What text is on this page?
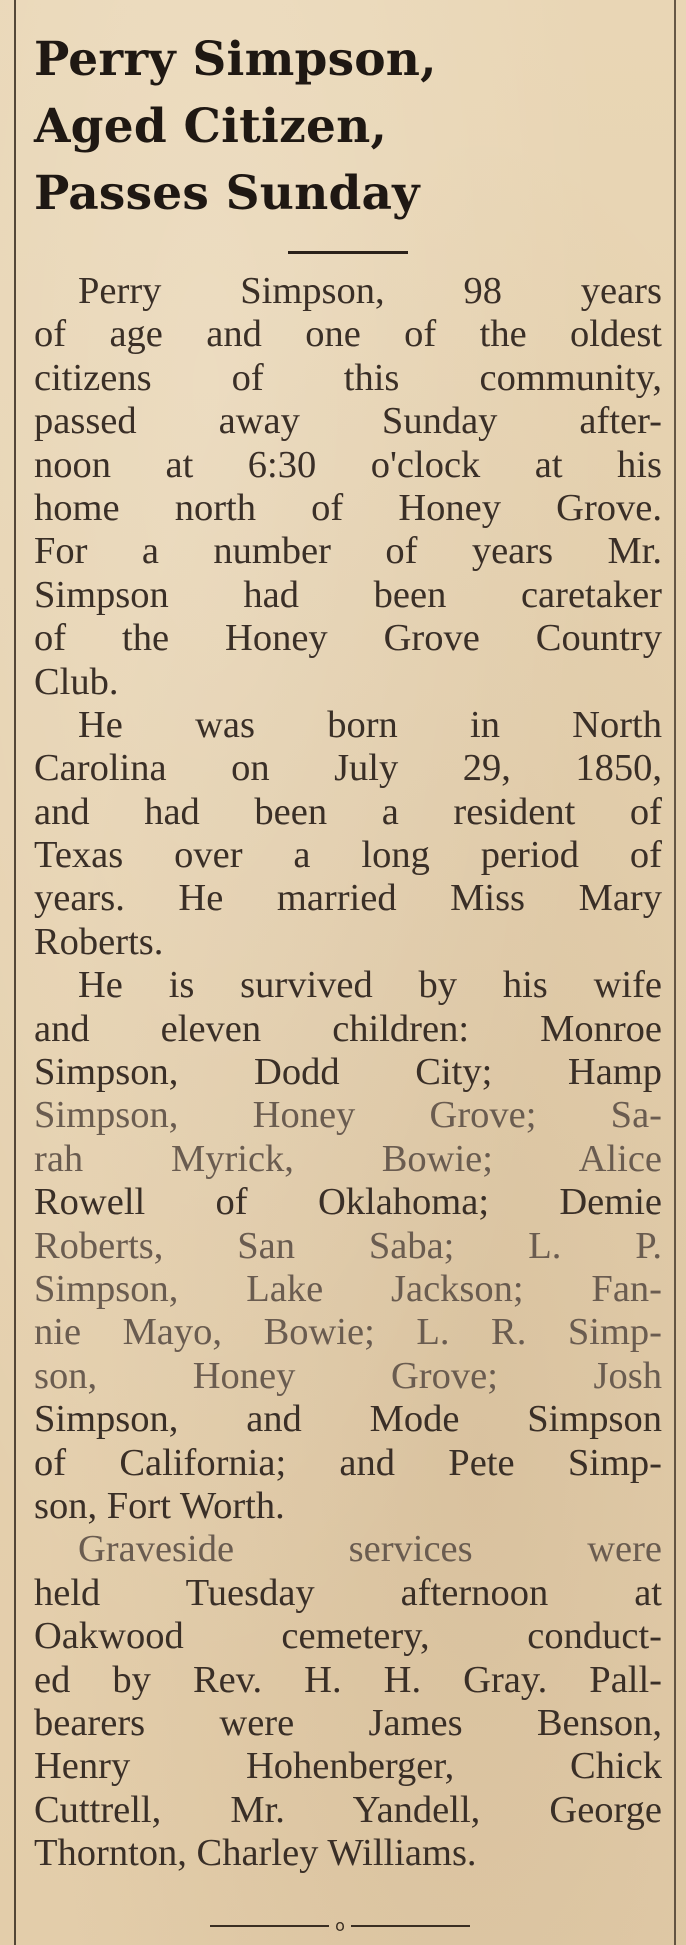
Perry Simpson,
Aged Citizen,
Passes Sunday
Perry Simpson, 98 years
of age and one of the oldest
citizens of this community,
passed away Sunday after-
noon at 6:30 o'clock at his
home north of Honey Grove.
For a number of years Mr.
Simpson had been caretaker
of the Honey Grove Country
Club.
He was born in North
Carolina on July 29, 1850,
and had been a resident of
Texas over a long period of
years. He married Miss Mary
Roberts.
He is survived by his wife
and eleven children: Monroe
Simpson, Dodd City; Hamp
Simpson, Honey Grove; Sa-
rah Myrick, Bowie; Alice
Rowell of Oklahoma; Demie
Roberts, San Saba; L. P.
Simpson, Lake Jackson; Fan-
nie Mayo, Bowie; L. R. Simp-
son, Honey Grove; Josh
Simpson, and Mode Simpson
of California; and Pete Simp-
son, Fort Worth.
Graveside services were
held Tuesday afternoon at
Oakwood cemetery, conduct-
ed by Rev. H. H. Gray. Pall-
bearers were James Benson,
Henry Hohenberger, Chick
Cuttrell, Mr. Yandell, George
Thornton, Charley Williams.
o
